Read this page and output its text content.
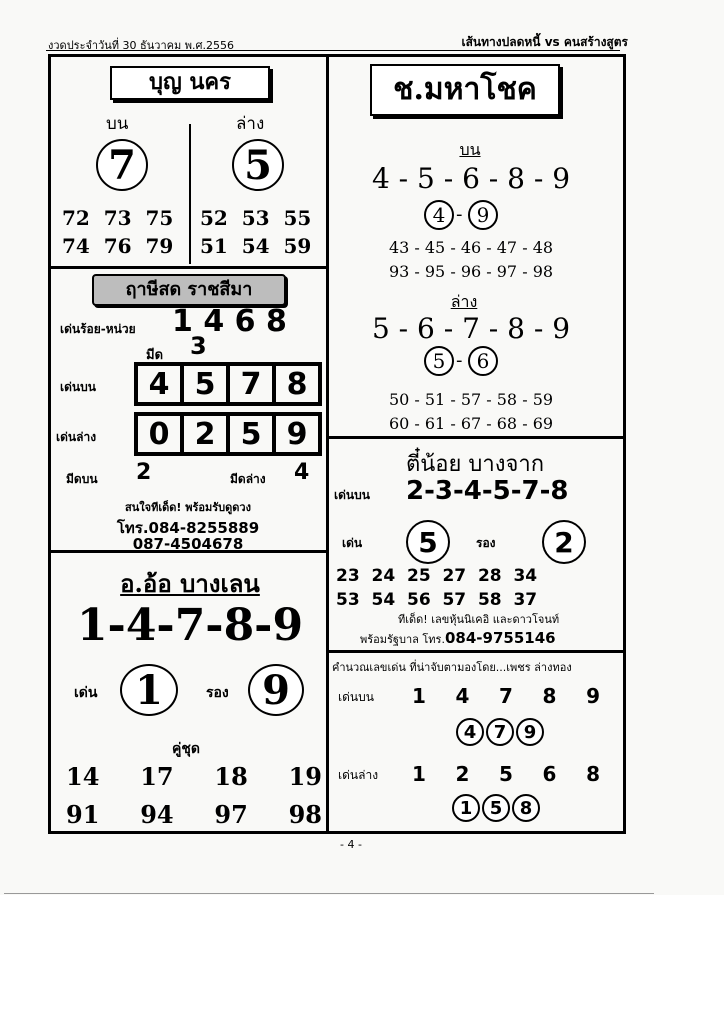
งวดประจำวันที่ 30 ธันวาคม พ.ศ.2556	เส้นทางปลดหนี้ vs คนสร้างสูตร
บุญ นคร
บน	ล่าง
7	5
72  73  75
74  76  79
52  53  55
51  54  59
ฤาษีสด ราชสีมา
เด่นร้อย-หน่วย 1 4 6 8
มีด 3
เด่นบน	4 5 7 8
เด่นล่าง	0 2 5 9
มีดบน 2	มีดล่าง 4
สนใจทีเด็ด! พร้อมรับดูดวง
โทร.084-8255889
087-4504678
อ.อ้อ บางเลน
1-4-7-8-9
เด่น 1	รอง 9
คู่ชุด
14 17 18 19
91 94 97 98
ช.มหาโชค
บน
4 - 5 - 6 - 8 - 9
4 - 9
43 - 45 - 46 - 47 - 48
93 - 95 - 96 - 97 - 98
ล่าง
5 - 6 - 7 - 8 - 9
5 - 6
50 - 51 - 57 - 58 - 59
60 - 61 - 67 - 68 - 69
ตี๋น้อย บางจาก
เด่นบน 2-3-4-5-7-8
เด่น	5	รอง	2
23  24  25  27  28  34
53  54  56  57  58  37
ทีเด็ด! เลขหุ้นนิเคอิ และดาวโจนท์
พร้อมรัฐบาล โทร.084-9755146
คำนวณเลขเด่น ที่น่าจับตามองโดย...เพชร ล่างทอง
เด่นบน 1 4 7 8 9
4 7 9
เด่นล่าง 1 2 5 6 8
1 5 8
- 4 -
